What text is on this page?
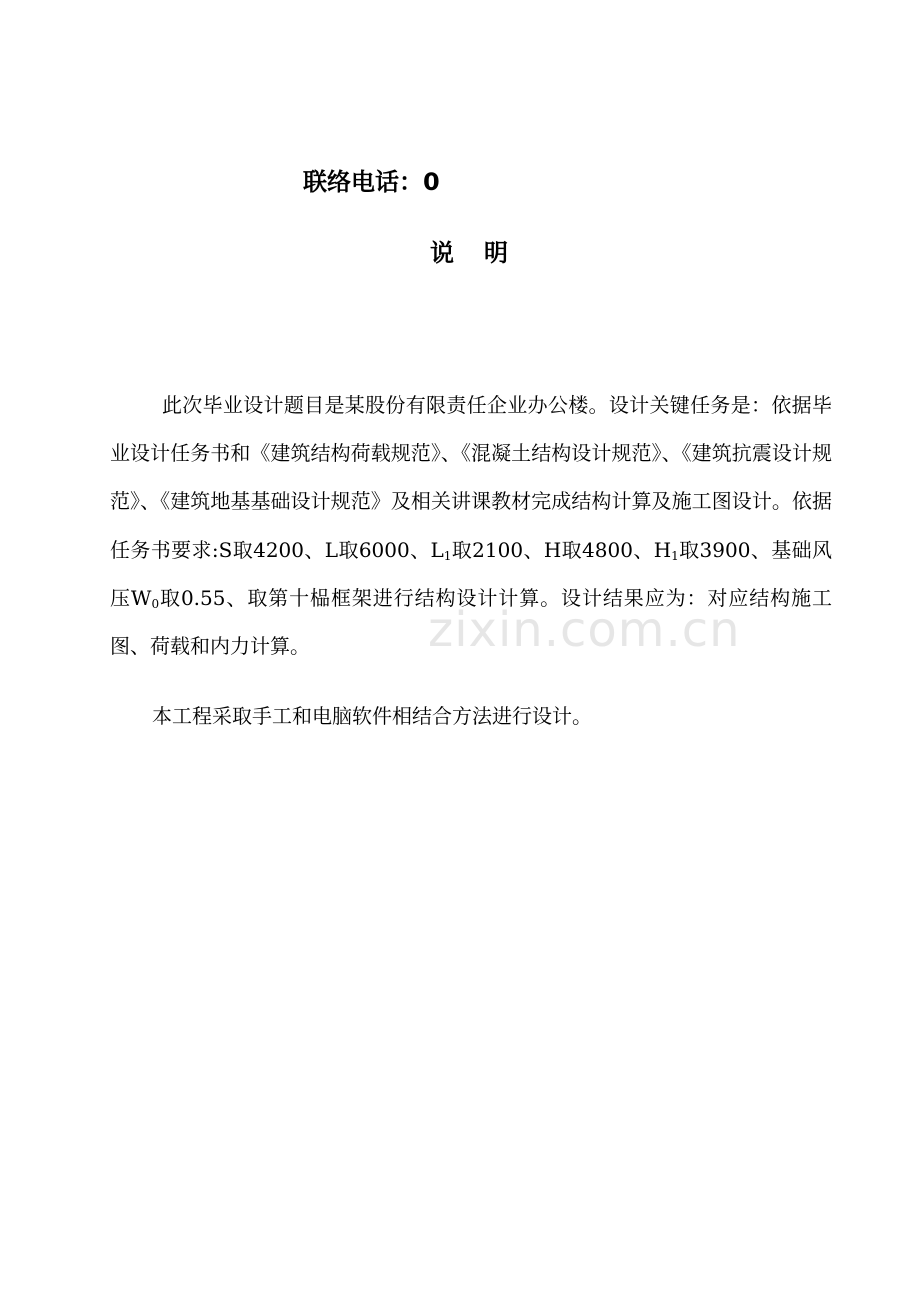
联络电话：0
说 明

此次毕业设计题目是某股份有限责任企业办公楼。设计关键任务是：依据毕业设计任务书和《建筑结构荷载规范》、《混凝土结构设计规范》、《建筑抗震设计规范》、《建筑地基基础设计规范》及相关讲课教材完成结构计算及施工图设计。依据任务书要求:S取4200、L取6000、$L_1$取2100、H取4800、$H_1$取3900、基础风压$W_0$取0.55、取第十榀框架进行结构设计计算。设计结果应为：对应结构施工图、荷载和内力计算。

本工程采取手工和电脑软件相结合方法进行设计。

zixin.com.cn
